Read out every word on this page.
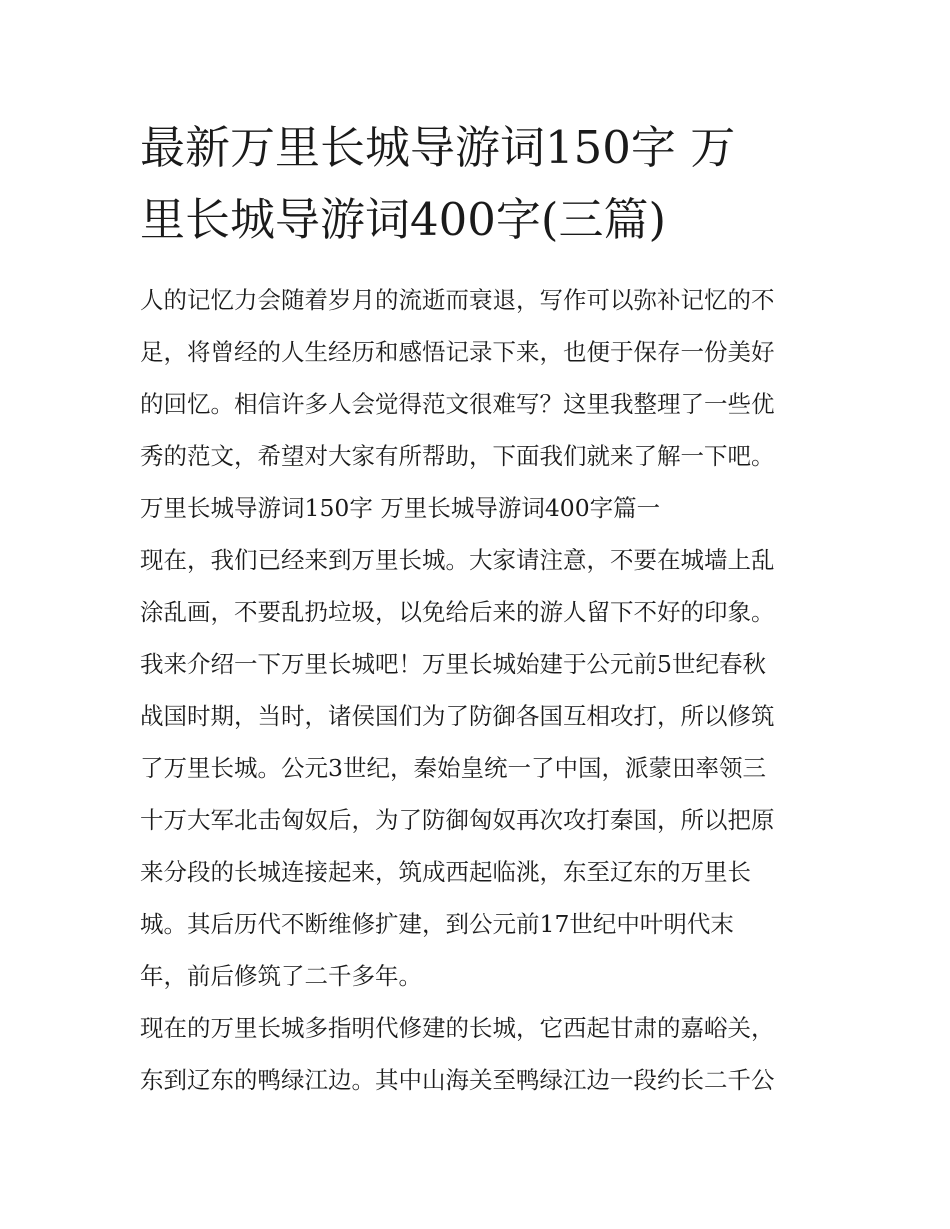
最新万里长城导游词150字 万
里长城导游词400字(三篇)
人的记忆力会随着岁月的流逝而衰退，写作可以弥补记忆的不
足，将曾经的人生经历和感悟记录下来，也便于保存一份美好
的回忆。相信许多人会觉得范文很难写？这里我整理了一些优
秀的范文，希望对大家有所帮助，下面我们就来了解一下吧。
万里长城导游词150字 万里长城导游词400字篇一
现在，我们已经来到万里长城。大家请注意，不要在城墙上乱
涂乱画，不要乱扔垃圾，以免给后来的游人留下不好的印象。
我来介绍一下万里长城吧！万里长城始建于公元前5世纪春秋
战国时期，当时，诸侯国们为了防御各国互相攻打，所以修筑
了万里长城。公元3世纪，秦始皇统一了中国，派蒙田率领三
十万大军北击匈奴后，为了防御匈奴再次攻打秦国，所以把原
来分段的长城连接起来，筑成西起临洮，东至辽东的万里长
城。其后历代不断维修扩建，到公元前17世纪中叶明代末
年，前后修筑了二千多年。
现在的万里长城多指明代修建的长城，它西起甘肃的嘉峪关，
东到辽东的鸭绿江边。其中山海关至鸭绿江边一段约长二千公
